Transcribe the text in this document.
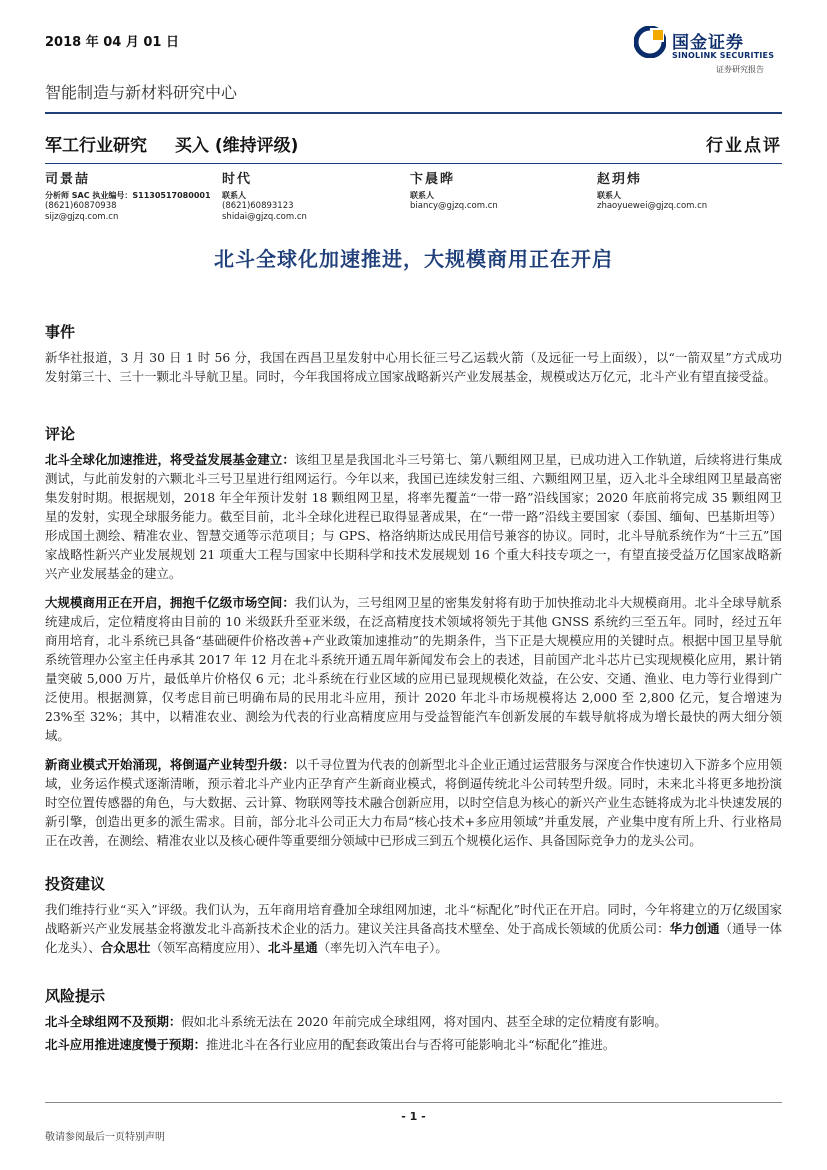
2018 年 04 月 01 日
智能制造与新材料研究中心
国金证券
SINOLINK SECURITIES
证券研究报告
军工行业研究 买入 (维持评级)	行业点评
司景喆
分析师 SAC 执业编号：S1130517080001
(8621)60870938
sijz@gjzq.com.cn
时代
联系人
(8621)60893123
shidai@gjzq.com.cn
卞晨晔
联系人
biancy@gjzq.com.cn
赵玥炜
联系人
zhaoyuewei@gjzq.com.cn
北斗全球化加速推进，大规模商用正在开启
事件

新华社报道，3 月 30 日 1 时 56 分，我国在西昌卫星发射中心用长征三号乙运载火箭（及远征一号上面级），以“一箭双星”方式成功发射第三十、三十一颗北斗导航卫星。同时，今年我国将成立国家战略新兴产业发展基金，规模或达万亿元，北斗产业有望直接受益。

评论

北斗全球化加速推进，将受益发展基金建立：该组卫星是我国北斗三号第七、第八颗组网卫星，已成功进入工作轨道，后续将进行集成测试，与此前发射的六颗北斗三号卫星进行组网运行。今年以来，我国已连续发射三组、六颗组网卫星，迈入北斗全球组网卫星最高密集发射时期。根据规划，2018 年全年预计发射 18 颗组网卫星，将率先覆盖“一带一路”沿线国家；2020 年底前将完成 35 颗组网卫星的发射，实现全球服务能力。截至目前，北斗全球化进程已取得显著成果，在“一带一路”沿线主要国家（泰国、缅甸、巴基斯坦等）形成国土测绘、精准农业、智慧交通等示范项目；与 GPS、格洛纳斯达成民用信号兼容的协议。同时，北斗导航系统作为“十三五”国家战略性新兴产业发展规划 21 项重大工程与国家中长期科学和技术发展规划 16 个重大科技专项之一，有望直接受益万亿国家战略新兴产业发展基金的建立。

大规模商用正在开启，拥抱千亿级市场空间：我们认为，三号组网卫星的密集发射将有助于加快推动北斗大规模商用。北斗全球导航系统建成后，定位精度将由目前的 10 米级跃升至亚米级，在泛高精度技术领域将领先于其他 GNSS 系统约三至五年。同时，经过五年商用培育，北斗系统已具备“基础硬件价格改善+产业政策加速推动”的先期条件，当下正是大规模应用的关键时点。根据中国卫星导航系统管理办公室主任冉承其 2017 年 12 月在北斗系统开通五周年新闻发布会上的表述，目前国产北斗芯片已实现规模化应用，累计销量突破 5,000 万片，最低单片价格仅 6 元；北斗系统在行业区域的应用已显现规模化效益，在公安、交通、渔业、电力等行业得到广泛使用。根据测算，仅考虑目前已明确布局的民用北斗应用，预计 2020 年北斗市场规模将达 2,000 至 2,800 亿元，复合增速为 23%至 32%；其中，以精准农业、测绘为代表的行业高精度应用与受益智能汽车创新发展的车载导航将成为增长最快的两大细分领域。

新商业模式开始涌现，将倒逼产业转型升级：以千寻位置为代表的创新型北斗企业正通过运营服务与深度合作快速切入下游多个应用领域，业务运作模式逐渐清晰，预示着北斗产业内正孕育产生新商业模式，将倒逼传统北斗公司转型升级。同时，未来北斗将更多地扮演时空位置传感器的角色，与大数据、云计算、物联网等技术融合创新应用，以时空信息为核心的新兴产业生态链将成为北斗快速发展的新引擎，创造出更多的派生需求。目前，部分北斗公司正大力布局“核心技术+多应用领域”并重发展，产业集中度有所上升、行业格局正在改善，在测绘、精准农业以及核心硬件等重要细分领域中已形成三到五个规模化运作、具备国际竞争力的龙头公司。

投资建议

我们维持行业“买入”评级。我们认为，五年商用培育叠加全球组网加速，北斗“标配化”时代正在开启。同时，今年将建立的万亿级国家战略新兴产业发展基金将激发北斗高新技术企业的活力。建议关注具备高技术壁垒、处于高成长领域的优质公司：华力创通（通导一体化龙头）、合众思壮（领军高精度应用）、北斗星通（率先切入汽车电子）。

风险提示

北斗全球组网不及预期：假如北斗系统无法在 2020 年前完成全球组网，将对国内、甚至全球的定位精度有影响。

北斗应用推进速度慢于预期：推进北斗在各行业应用的配套政策出台与否将可能影响北斗“标配化”推进。

- 1 -
敬请参阅最后一页特别声明
